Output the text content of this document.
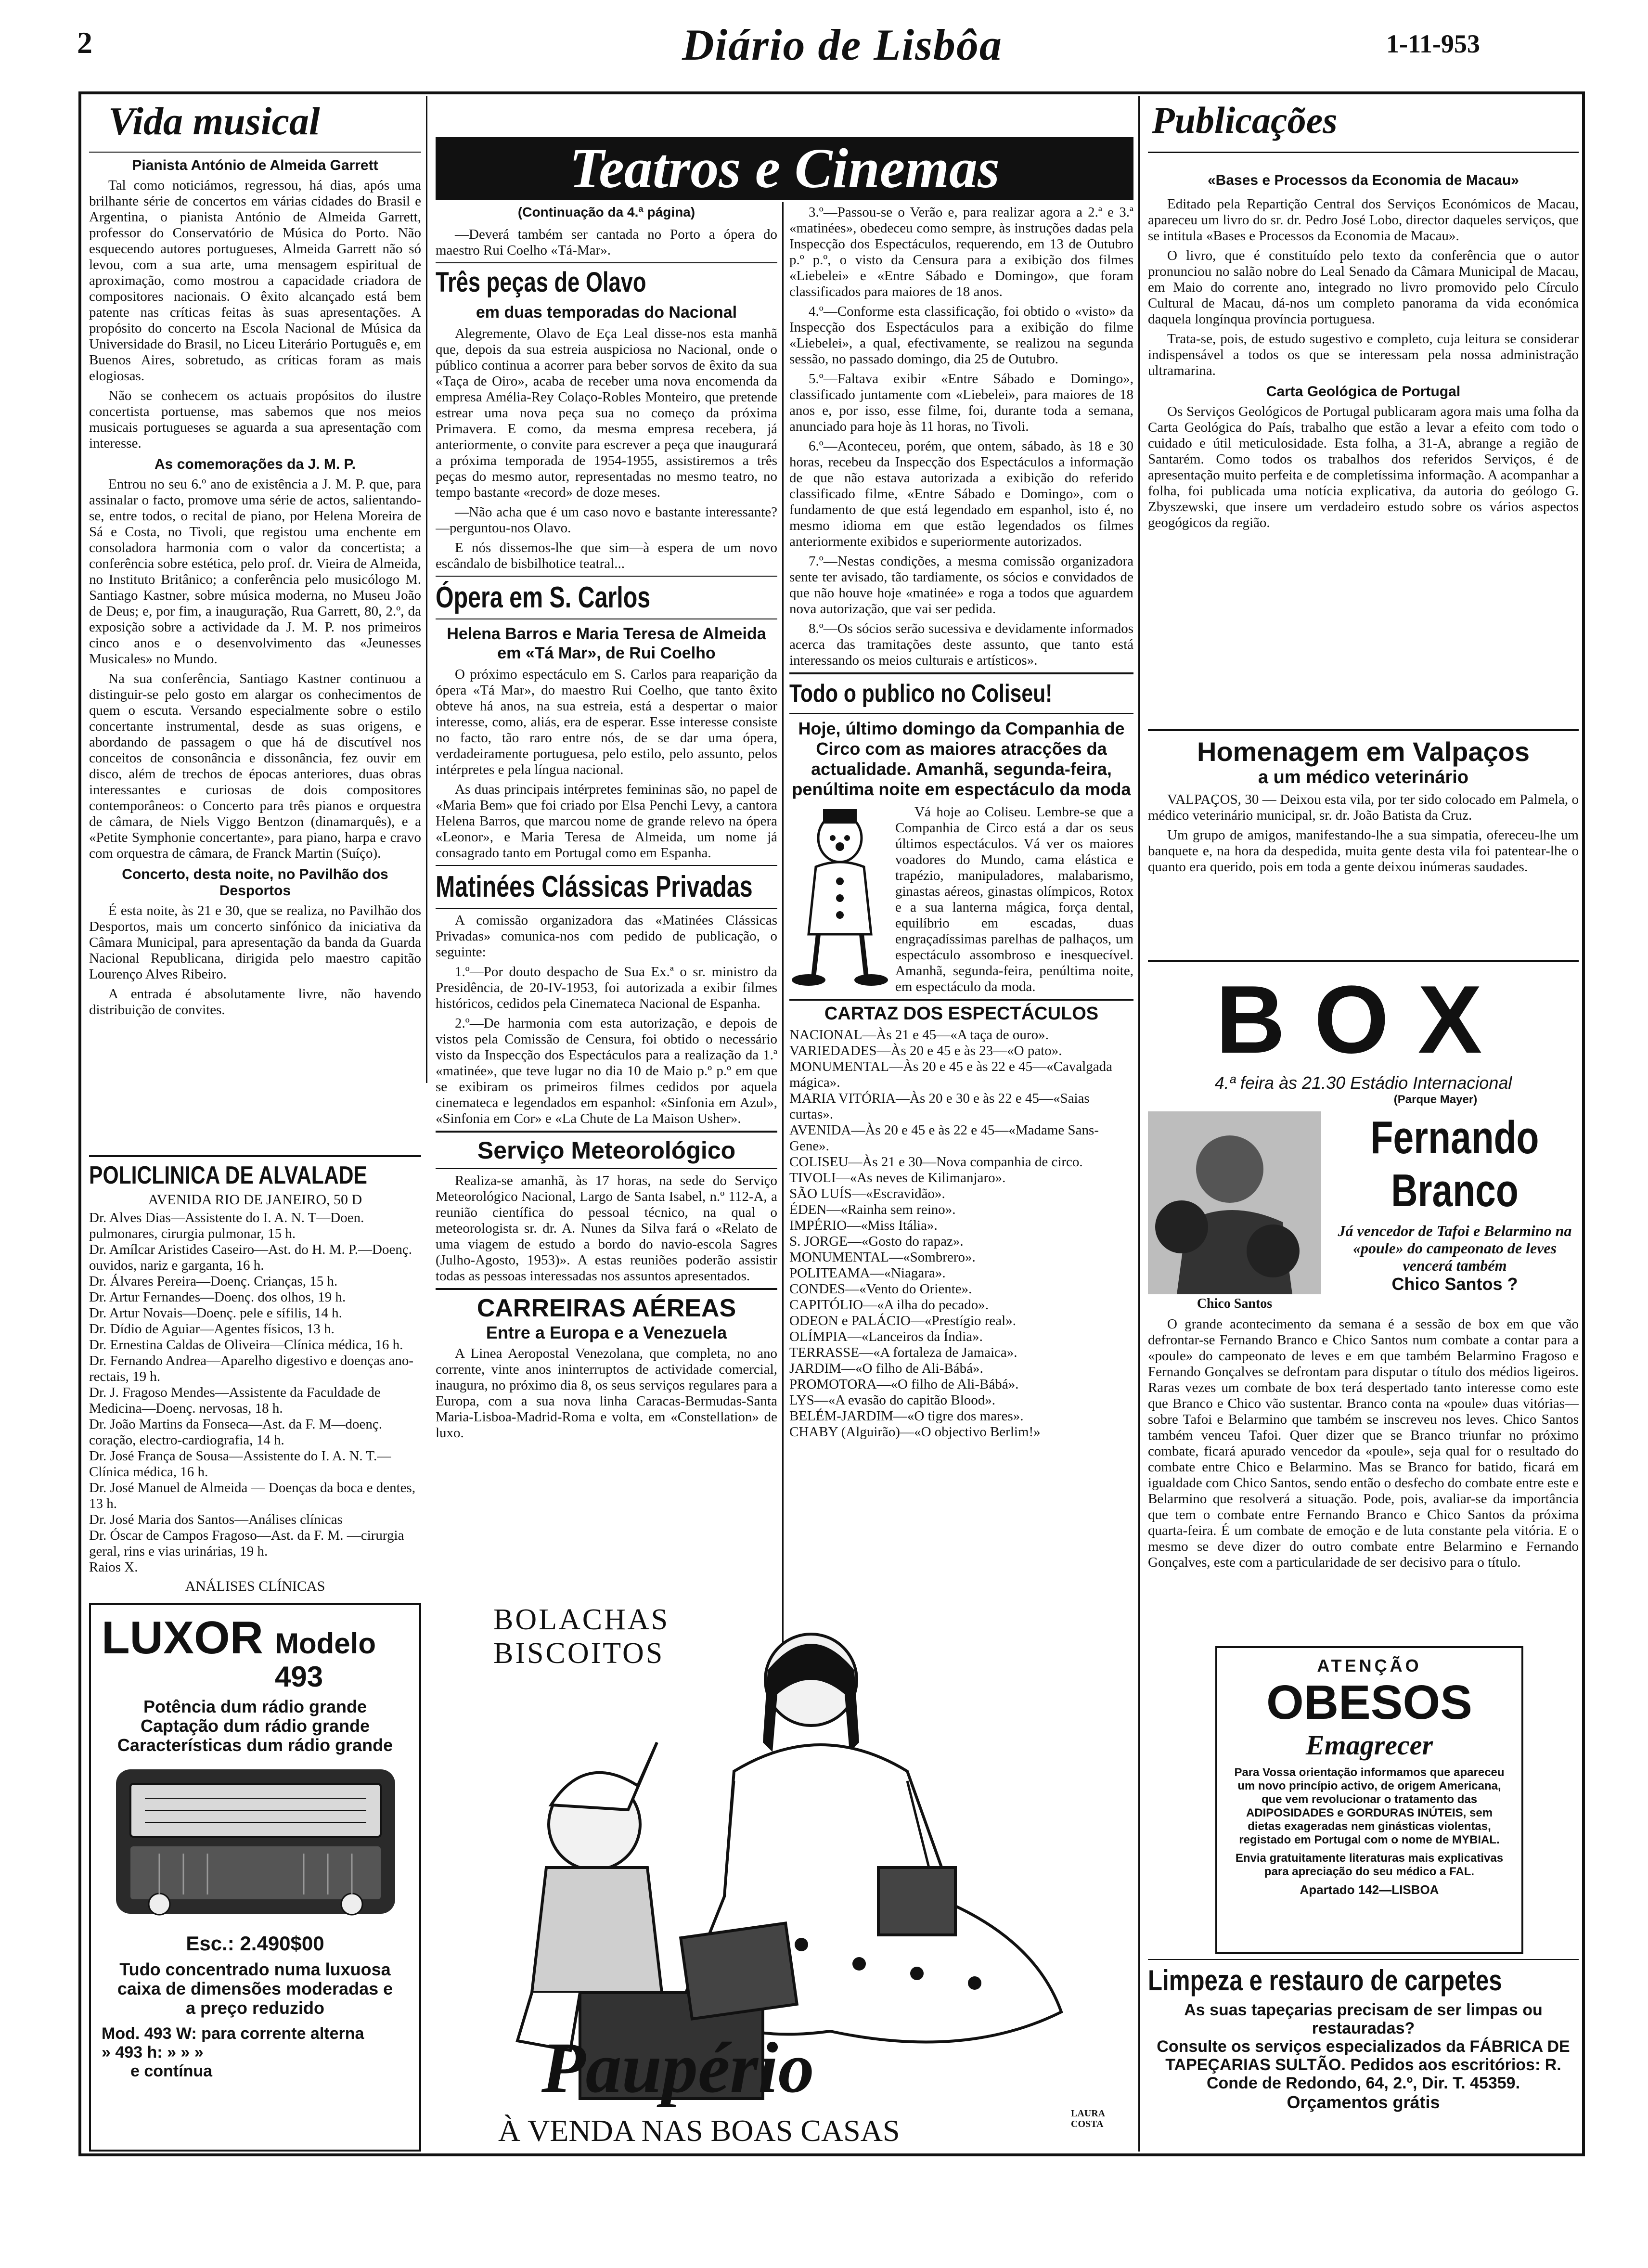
2	Diário de Lisbôa	1-11-953
Vida musical
Pianista António de Almeida Garrett

Tal como noticiámos, regressou, há dias, após uma brilhante série de concertos em várias cidades do Brasil e Argentina, o pianista António de Almeida Garrett, professor do Conservatório de Música do Porto. Não esquecendo autores portugueses, Almeida Garrett não só levou, com a sua arte, uma mensagem espiritual de aproximação, como mostrou a capacidade criadora de compositores nacionais. O êxito alcançado está bem patente nas críticas feitas às suas apresentações. A propósito do concerto na Escola Nacional de Música da Universidade do Brasil, no Liceu Literário Português e, em Buenos Aires, sobretudo, as críticas foram as mais elogiosas.

Não se conhecem os actuais propósitos do ilustre concertista portuense, mas sabemos que nos meios musicais portugueses se aguarda a sua apresentação com interesse.

As comemorações da J. M. P.

Entrou no seu 6.º ano de existência a J. M. P. que, para assinalar o facto, promove uma série de actos, salientando-se, entre todos, o recital de piano, por Helena Moreira de Sá e Costa, no Tivoli, que registou uma enchente em consoladora harmonia com o valor da concertista; a conferência sobre estética, pelo prof. dr. Vieira de Almeida, no Instituto Britânico; a conferência pelo musicólogo M. Santiago Kastner, sobre música moderna, no Museu João de Deus; e, por fim, a inauguração, Rua Garrett, 80, 2.º, da exposição sobre a actividade da J. M. P. nos primeiros cinco anos e o desenvolvimento das «Jeunesses Musicales» no Mundo.

Na sua conferência, Santiago Kastner continuou a distinguir-se pelo gosto em alargar os conhecimentos de quem o escuta. Versando especialmente sobre o estilo concertante instrumental, desde as suas origens, e abordando de passagem o que há de discutível nos conceitos de consonância e dissonância, fez ouvir em disco, além de trechos de épocas anteriores, duas obras interessantes e curiosas de dois compositores contemporâneos: o Concerto para três pianos e orquestra de câmara, de Niels Viggo Bentzon (dinamarquês), e a «Petite Symphonie concertante», para piano, harpa e cravo com orquestra de câmara, de Franck Martin (Suíço).

Concerto, desta noite, no Pavilhão dos Desportos

É esta noite, às 21 e 30, que se realiza, no Pavilhão dos Desportos, mais um concerto sinfónico da iniciativa da Câmara Municipal, para apresentação da banda da Guarda Nacional Republicana, dirigida pelo maestro capitão Lourenço Alves Ribeiro.

A entrada é absolutamente livre, não havendo distribuição de convites.

POLICLINICA DE ALVALADE
AVENIDA RIO DE JANEIRO, 50 D
Dr. Alves Dias—Assistente do I. A. N. T—Doen. pulmonares, cirurgia pulmonar, 15 h.
Dr. Amílcar Aristides Caseiro—Ast. do H. M. P.—Doenç. ouvidos, nariz e garganta, 16 h.
Dr. Álvares Pereira—Doenç. Crianças, 15 h.
Dr. Artur Fernandes—Doenç. dos olhos, 19 h.
Dr. Artur Novais—Doenç. pele e sífilis, 14 h.
Dr. Dídio de Aguiar—Agentes físicos, 13 h.
Dr. Ernestina Caldas de Oliveira—Clínica médica, 16 h.
Dr. Fernando Andrea—Aparelho digestivo e doenças ano-rectais, 19 h.
Dr. J. Fragoso Mendes—Assistente da Faculdade de Medicina—Doenç. nervosas, 18 h.
Dr. João Martins da Fonseca—Ast. da F. M—doenç. coração, electro-cardiografia, 14 h.
Dr. José França de Sousa—Assistente do I. A. N. T.—Clínica médica, 16 h.
Dr. José Manuel de Almeida — Doenças da boca e dentes, 13 h.
Dr. José Maria dos Santos—Análises clínicas
Dr. Óscar de Campos Fragoso—Ast. da F. M. —cirurgia geral, rins e vias urinárias, 19 h.
Raios X.
ANÁLISES CLÍNICAS
LUXOR Modelo 493
Potência dum rádio grande Captação dum rádio grande Características dum rádio grande
Esc.: 2.490$00
Tudo concentrado numa luxuosa caixa de dimensões moderadas e a preço reduzido
Mod. 493 W: para corrente alterna
» 493 h: » » »
e contínua
Teatros e Cinemas
(Continuação da 4.ª página)

—Deverá também ser cantada no Porto a ópera do maestro Rui Coelho «Tá-Mar».

Três peças de Olavo
em duas temporadas do Nacional

Alegremente, Olavo de Eça Leal disse-nos esta manhã que, depois da sua estreia auspiciosa no Nacional, onde o público continua a acorrer para beber sorvos de êxito da sua «Taça de Oiro», acaba de receber uma nova encomenda da empresa Amélia-Rey Colaço-Robles Monteiro, que pretende estrear uma nova peça sua no começo da próxima Primavera. E como, da mesma empresa recebera, já anteriormente, o convite para escrever a peça que inaugurará a próxima temporada de 1954-1955, assistiremos a três peças do mesmo autor, representadas no mesmo teatro, no tempo bastante «record» de doze meses.

—Não acha que é um caso novo e bastante interessante?—perguntou-nos Olavo.

E nós dissemos-lhe que sim—à espera de um novo escândalo de bisbilhotice teatral...

Ópera em S. Carlos
Helena Barros e Maria Teresa de Almeida em «Tá Mar», de Rui Coelho

O próximo espectáculo em S. Carlos para reaparição da ópera «Tá Mar», do maestro Rui Coelho, que tanto êxito obteve há anos, na sua estreia, está a despertar o maior interesse, como, aliás, era de esperar. Esse interesse consiste no facto, tão raro entre nós, de se dar uma ópera, verdadeiramente portuguesa, pelo estilo, pelo assunto, pelos intérpretes e pela língua nacional.

As duas principais intérpretes femininas são, no papel de «Maria Bem» que foi criado por Elsa Penchi Levy, a cantora Helena Barros, que marcou nome de grande relevo na ópera «Leonor», e Maria Teresa de Almeida, um nome já consagrado tanto em Portugal como em Espanha.

Matinées Clássicas Privadas

A comissão organizadora das «Matinées Clássicas Privadas» comunica-nos com pedido de publicação, o seguinte:

1.º—Por douto despacho de Sua Ex.ª o sr. ministro da Presidência, de 20-IV-1953, foi autorizada a exibir filmes históricos, cedidos pela Cinemateca Nacional de Espanha.

2.º—De harmonia com esta autorização, e depois de vistos pela Comissão de Censura, foi obtido o necessário visto da Inspecção dos Espectáculos para a realização da 1.ª «matinée», que teve lugar no dia 10 de Maio p.º p.º em que se exibiram os primeiros filmes cedidos por aquela cinemateca e legendados em espanhol: «Sinfonia em Azul», «Sinfonia em Cor» e «La Chute de La Maison Usher».

Serviço Meteorológico

Realiza-se amanhã, às 17 horas, na sede do Serviço Meteorológico Nacional, Largo de Santa Isabel, n.º 112-A, a reunião científica do pessoal técnico, na qual o meteorologista sr. dr. A. Nunes da Silva fará o «Relato de uma viagem de estudo a bordo do navio-escola Sagres (Julho-Agosto, 1953)». A estas reuniões poderão assistir todas as pessoas interessadas nos assuntos apresentados.

CARREIRAS AÉREAS
Entre a Europa e a Venezuela

A Linea Aeropostal Venezolana, que completa, no ano corrente, vinte anos ininterruptos de actividade comercial, inaugura, no próximo dia 8, os seus serviços regulares para a Europa, com a sua nova linha Caracas-Bermudas-Santa Maria-Lisboa-Madrid-Roma e volta, em «Constellation» de luxo.

3.º—Passou-se o Verão e, para realizar agora a 2.ª e 3.ª «matinées», obedeceu como sempre, às instruções dadas pela Inspecção dos Espectáculos, requerendo, em 13 de Outubro p.º p.º, o visto da Censura para a exibição dos filmes «Liebelei» e «Entre Sábado e Domingo», que foram classificados para maiores de 18 anos.

4.º—Conforme esta classificação, foi obtido o «visto» da Inspecção dos Espectáculos para a exibição do filme «Liebelei», a qual, efectivamente, se realizou na segunda sessão, no passado domingo, dia 25 de Outubro.

5.º—Faltava exibir «Entre Sábado e Domingo», classificado juntamente com «Liebelei», para maiores de 18 anos e, por isso, esse filme, foi, durante toda a semana, anunciado para hoje às 11 horas, no Tivoli.

6.º—Aconteceu, porém, que ontem, sábado, às 18 e 30 horas, recebeu da Inspecção dos Espectáculos a informação de que não estava autorizada a exibição do referido classificado filme, «Entre Sábado e Domingo», com o fundamento de que está legendado em espanhol, isto é, no mesmo idioma em que estão legendados os filmes anteriormente exibidos e superiormente autorizados.

7.º—Nestas condições, a mesma comissão organizadora sente ter avisado, tão tardiamente, os sócios e convidados de que não houve hoje «matinée» e roga a todos que aguardem nova autorização, que vai ser pedida.

8.º—Os sócios serão sucessiva e devidamente informados acerca das tramitações deste assunto, que tanto está interessando os meios culturais e artísticos».

Todo o publico no Coliseu!
Hoje, último domingo da Companhia de Circo com as maiores atracções da actualidade. Amanhã, segunda-feira, penúltima noite em espectáculo da moda

Vá hoje ao Coliseu. Lembre-se que a Companhia de Circo está a dar os seus últimos espectáculos. Vá ver os maiores voadores do Mundo, cama elástica e trapézio, manipuladores, malabarismo, ginastas aéreos, ginastas olímpicos, Rotox e a sua lanterna mágica, força dental, equilíbrio em escadas, duas engraçadíssimas parelhas de palhaços, um espectáculo assombroso e inesquecível. Amanhã, segunda-feira, penúltima noite, em espectáculo da moda.

CARTAZ DOS ESPECTÁCULOS
NACIONAL—Às 21 e 45—«A taça de ouro».
VARIEDADES—Às 20 e 45 e às 23—«O pato».
MONUMENTAL—Às 20 e 45 e às 22 e 45—«Cavalgada mágica».
MARIA VITÓRIA—Às 20 e 30 e às 22 e 45—«Saias curtas».
AVENIDA—Às 20 e 45 e às 22 e 45—«Madame Sans-Gene».
COLISEU—Às 21 e 30—Nova companhia de circo.
TIVOLI—«As neves de Kilimanjaro».
SÃO LUÍS—«Escravidão».
ÉDEN—«Rainha sem reino».
IMPÉRIO—«Miss Itália».
S. JORGE—«Gosto do rapaz».
MONUMENTAL—«Sombrero».
POLITEAMA—«Niagara».
CONDES—«Vento do Oriente».
CAPITÓLIO—«A ilha do pecado».
ODEON e PALÁCIO—«Prestígio real».
OLÍMPIA—«Lanceiros da Índia».
TERRASSE—«A fortaleza de Jamaica».
JARDIM—«O filho de Ali-Bábá».
PROMOTORA—«O filho de Ali-Bábá».
LYS—«A evasão do capitão Blood».
BELÉM-JARDIM—«O tigre dos mares».
CHABY (Alguirão)—«O objectivo Berlim!»
BOLACHAS
BISCOITOS
Paupério
À VENDA NAS BOAS CASAS	LAURA COSTA
Publicações
«Bases e Processos da Economia de Macau»

Editado pela Repartição Central dos Serviços Económicos de Macau, apareceu um livro do sr. dr. Pedro José Lobo, director daqueles serviços, que se intitula «Bases e Processos da Economia de Macau».

O livro, que é constituído pelo texto da conferência que o autor pronunciou no salão nobre do Leal Senado da Câmara Municipal de Macau, em Maio do corrente ano, integrado no livro promovido pelo Círculo Cultural de Macau, dá-nos um completo panorama da vida económica daquela longínqua província portuguesa.

Trata-se, pois, de estudo sugestivo e completo, cuja leitura se considerar indispensável a todos os que se interessam pela nossa administração ultramarina.

Carta Geológica de Portugal

Os Serviços Geológicos de Portugal publicaram agora mais uma folha da Carta Geológica do País, trabalho que estão a levar a efeito com todo o cuidado e útil meticulosidade. Esta folha, a 31-A, abrange a região de Santarém. Como todos os trabalhos dos referidos Serviços, é de apresentação muito perfeita e de completíssima informação. A acompanhar a folha, foi publicada uma notícia explicativa, da autoria do geólogo G. Zbyszewski, que insere um verdadeiro estudo sobre os vários aspectos geogógicos da região.

Homenagem em Valpaços
a um médico veterinário

VALPAÇOS, 30 — Deixou esta vila, por ter sido colocado em Palmela, o médico veterinário municipal, sr. dr. João Batista da Cruz.

Um grupo de amigos, manifestando-lhe a sua simpatia, ofereceu-lhe um banquete e, na hora da despedida, muita gente desta vila foi patentear-lhe o quanto era querido, pois em toda a gente deixou inúmeras saudades.

BOX
4.ª feira às 21.30 Estádio Internacional
(Parque Mayer)
Chico Santos
Fernando
Branco
Já vencedor de Tafoi e Belarmino na «poule» do campeonato de leves vencerá também
Chico Santos ?

O grande acontecimento da semana é a sessão de box em que vão defrontar-se Fernando Branco e Chico Santos num combate a contar para a «poule» do campeonato de leves e em que também Belarmino Fragoso e Fernando Gonçalves se defrontam para disputar o título dos médios ligeiros. Raras vezes um combate de box terá despertado tanto interesse como este que Branco e Chico vão sustentar. Branco conta na «poule» duas vitórias—sobre Tafoi e Belarmino que também se inscreveu nos leves. Chico Santos também venceu Tafoi. Quer dizer que se Branco triunfar no próximo combate, ficará apurado vencedor da «poule», seja qual for o resultado do combate entre Chico e Belarmino. Mas se Branco for batido, ficará em igualdade com Chico Santos, sendo então o desfecho do combate entre este e Belarmino que resolverá a situação. Pode, pois, avaliar-se da importância que tem o combate entre Fernando Branco e Chico Santos da próxima quarta-feira. É um combate de emoção e de luta constante pela vitória. E o mesmo se deve dizer do outro combate entre Belarmino e Fernando Gonçalves, este com a particularidade de ser decisivo para o título.

ATENÇÃO
OBESOS
Emagrecer
Para Vossa orientação informamos que apareceu um novo princípio activo, de origem Americana, que vem revolucionar o tratamento das ADIPOSIDADES e GORDURAS INÚTEIS, sem dietas exageradas nem ginásticas violentas, registado em Portugal com o nome de MYBIAL.
Envia gratuitamente literaturas mais explicativas para apreciação do seu médico a FAL.
Apartado 142—LISBOA
Limpeza e restauro de carpetes
As suas tapeçarias precisam de ser limpas ou restauradas?
Consulte os serviços especializados da FÁBRICA DE TAPEÇARIAS SULTÃO. Pedidos aos escritórios: R. Conde de Redondo, 64, 2.º, Dir. T. 45359.
Orçamentos grátis
